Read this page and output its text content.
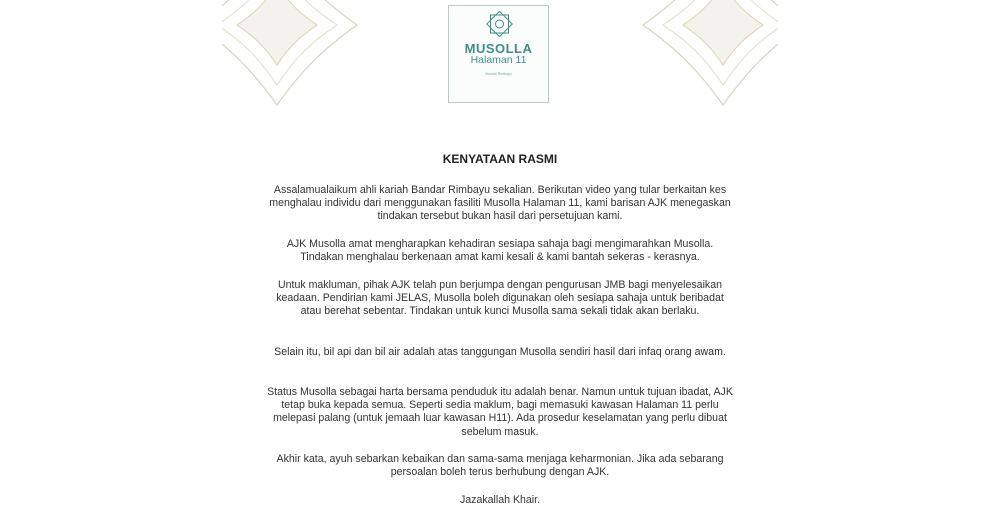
MUSOLLA
Halaman 11
Bandar Rimbayu
KENYATAAN RASMI
Assalamualaikum ahli kariah Bandar Rimbayu sekalian. Berikutan video yang tular berkaitan kes menghalau individu dari menggunakan fasiliti Musolla Halaman 11, kami barisan AJK menegaskan tindakan tersebut bukan hasil dari persetujuan kami.
AJK Musolla amat mengharapkan kehadiran sesiapa sahaja bagi mengimarahkan Musolla. Tindakan menghalau berkenaan amat kami kesali & kami bantah sekeras - kerasnya.
Untuk makluman, pihak AJK telah pun berjumpa dengan pengurusan JMB bagi menyelesaikan keadaan. Pendirian kami JELAS, Musolla boleh digunakan oleh sesiapa sahaja untuk beribadat atau berehat sebentar. Tindakan untuk kunci Musolla sama sekali tidak akan berlaku.
Selain itu, bil api dan bil air adalah atas tanggungan Musolla sendiri hasil dari infaq orang awam.
Status Musolla sebagai harta bersama penduduk itu adalah benar. Namun untuk tujuan ibadat, AJK tetap buka kepada semua. Seperti sedia maklum, bagi memasuki kawasan Halaman 11 perlu melepasi palang (untuk jemaah luar kawasan H11). Ada prosedur keselamatan yang perlu dibuat sebelum masuk.
Akhir kata, ayuh sebarkan kebaikan dan sama-sama menjaga keharmonian. Jika ada sebarang persoalan boleh terus berhubung dengan AJK.
Jazakallah Khair.
